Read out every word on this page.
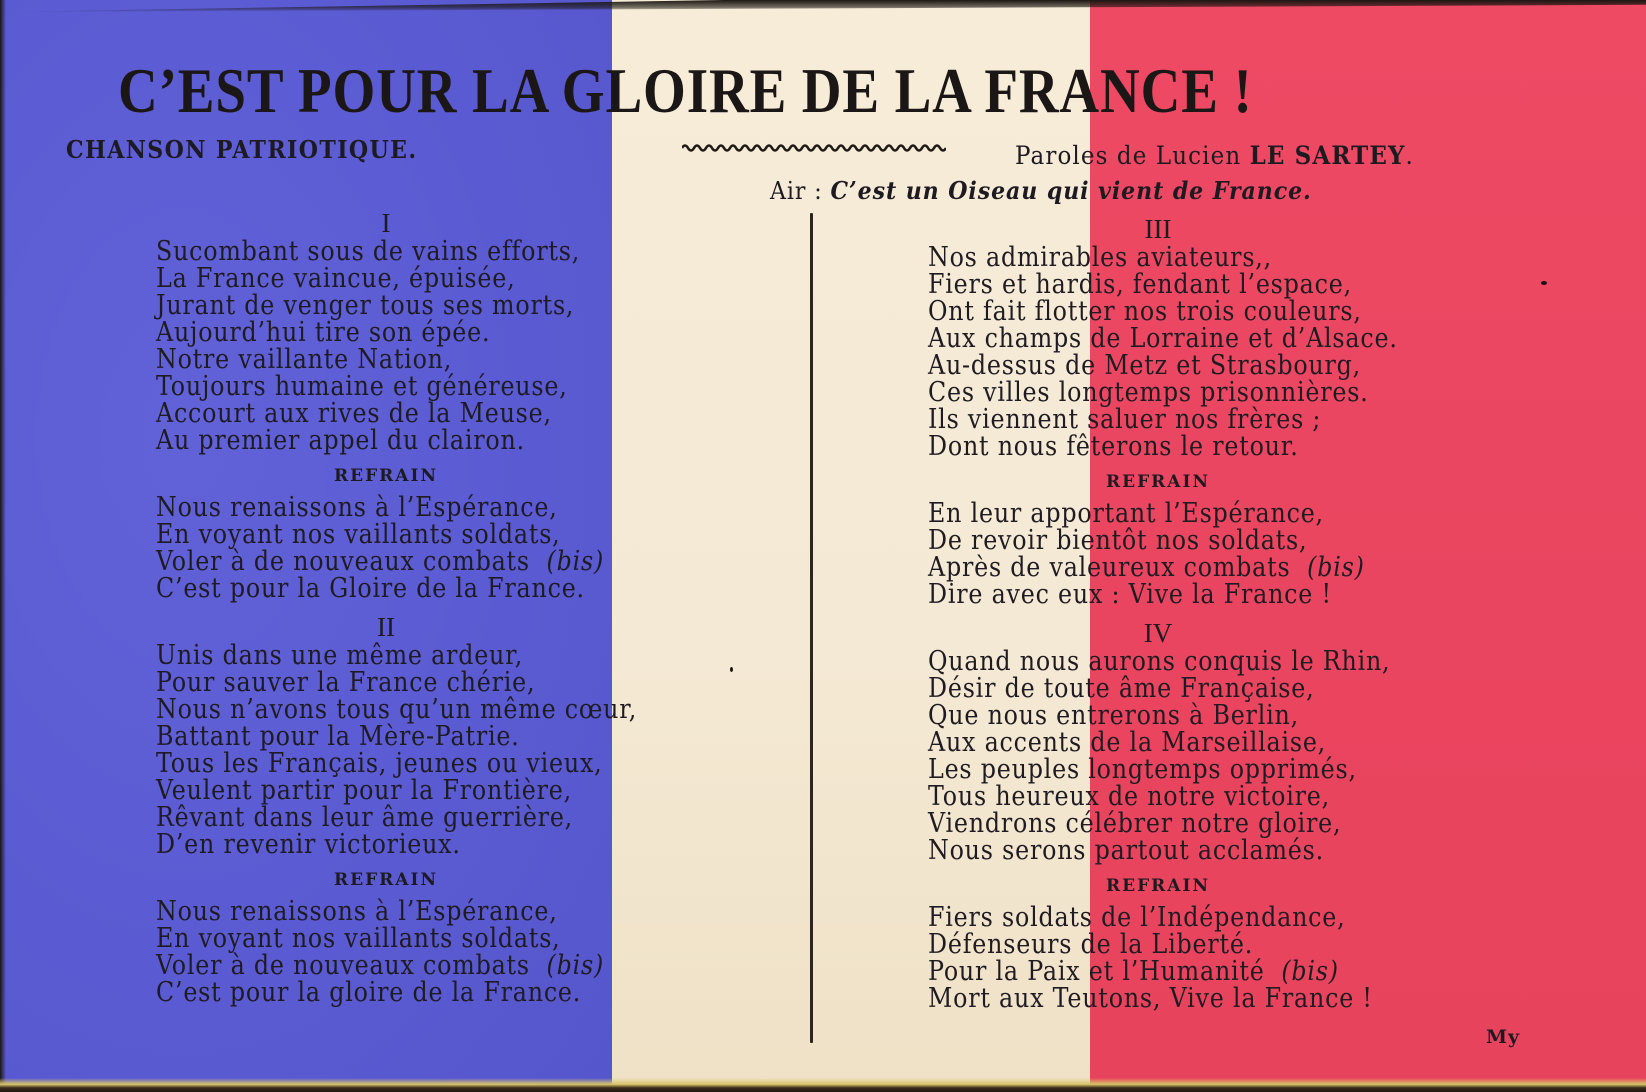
C’EST POUR LA GLOIRE DE LA FRANCE !
CHANSON PATRIOTIQUE.	Paroles de Lucien LE SARTEY.
Air : C’est un Oiseau qui vient de France.
I
Sucombant sous de vains efforts,
La France vaincue, épuisée,
Jurant de venger tous ses morts,
Aujourd’hui tire son épée.
Notre vaillante Nation,
Toujours humaine et généreuse,
Accourt aux rives de la Meuse,
Au premier appel du clairon.
REFRAIN
Nous renaissons à l’Espérance,
En voyant nos vaillants soldats,
Voler à de nouveaux combats (bis)
C’est pour la Gloire de la France.
II
Unis dans une même ardeur,
Pour sauver la France chérie,
Nous n’avons tous qu’un même cœur,
Battant pour la Mère-Patrie.
Tous les Français, jeunes ou vieux,
Veulent partir pour la Frontière,
Rêvant dans leur âme guerrière,
D’en revenir victorieux.
REFRAIN
Nous renaissons à l’Espérance,
En voyant nos vaillants soldats,
Voler à de nouveaux combats (bis)
C’est pour la gloire de la France.
III
Nos admirables aviateurs,,
Fiers et hardis, fendant l’espace,
Ont fait flotter nos trois couleurs,
Aux champs de Lorraine et d’Alsace.
Au-dessus de Metz et Strasbourg,
Ces villes longtemps prisonnières.
Ils viennent saluer nos frères ;
Dont nous fêterons le retour.
REFRAIN
En leur apportant l’Espérance,
De revoir bientôt nos soldats,
Après de valeureux combats (bis)
Dire avec eux : Vive la France !
IV
Quand nous aurons conquis le Rhin,
Désir de toute âme Française,
Que nous entrerons à Berlin,
Aux accents de la Marseillaise,
Les peuples longtemps opprimés,
Tous heureux de notre victoire,
Viendrons célébrer notre gloire,
Nous serons partout acclamés.
REFRAIN
Fiers soldats de l’Indépendance,
Défenseurs de la Liberté.
Pour la Paix et l’Humanité (bis)
Mort aux Teutons, Vive la France !
My
